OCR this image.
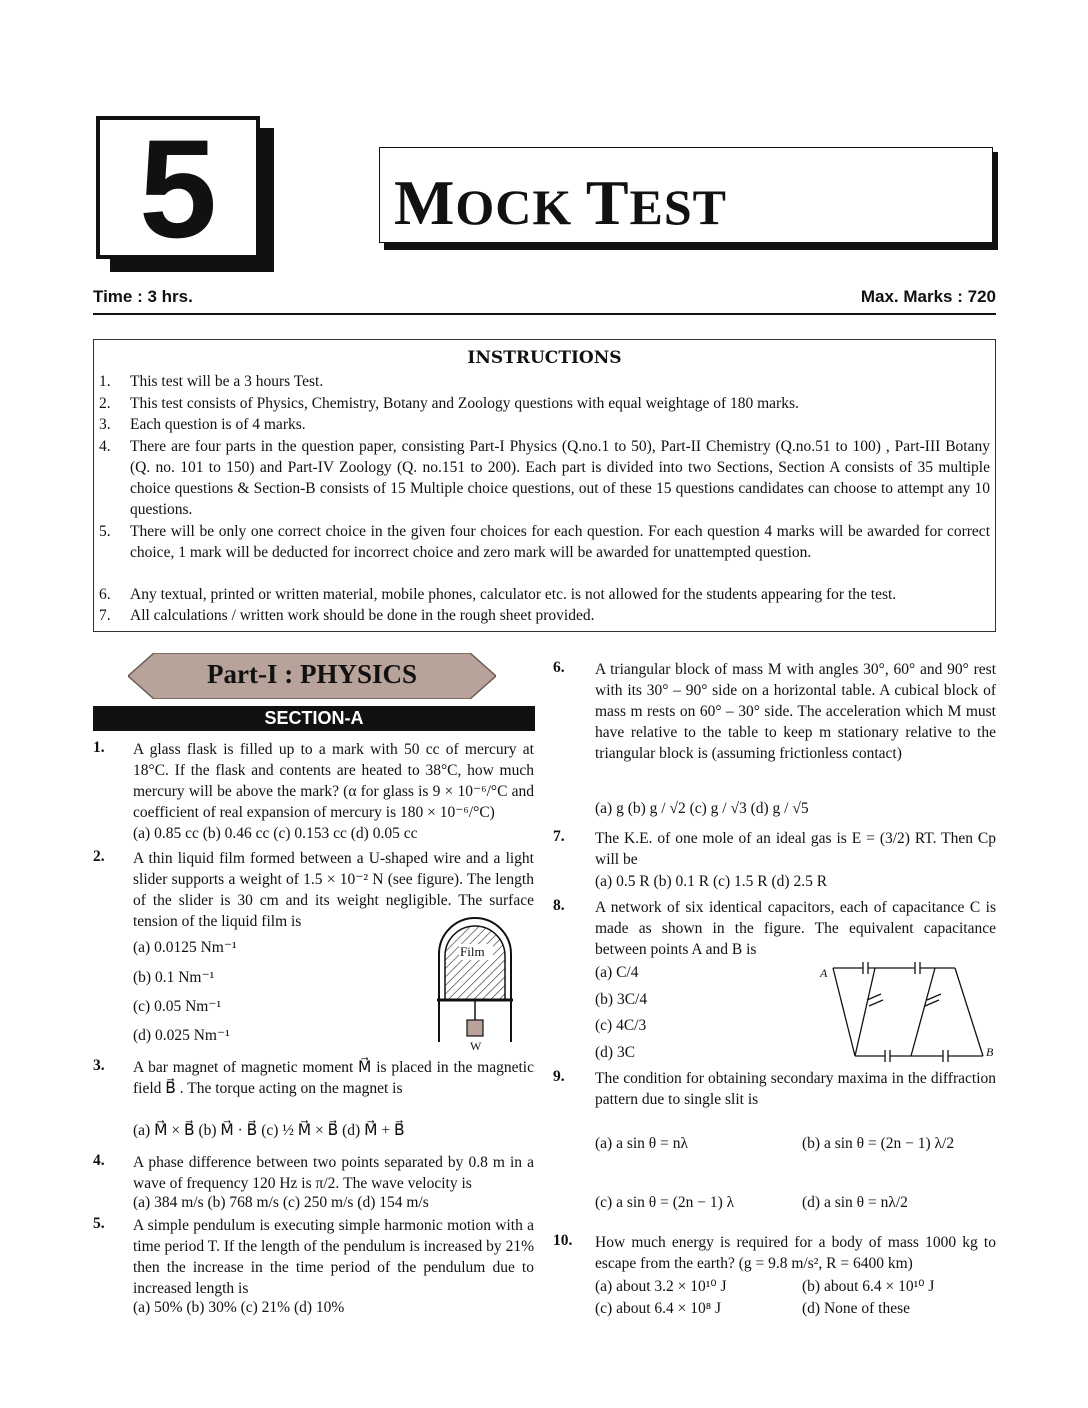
5	MOCK TEST
Time : 3 hrs.	Max. Marks : 720
INSTRUCTIONS
1. This test will be a 3 hours Test.
2. This test consists of Physics, Chemistry, Botany and Zoology questions with equal weightage of 180 marks.
3. Each question is of 4 marks.
4. There are four parts in the question paper, consisting Part-I Physics (Q.no.1 to 50), Part-II Chemistry (Q.no.51 to 100) , Part-III Botany (Q. no. 101 to 150) and Part-IV Zoology (Q. no.151 to 200). Each part is divided into two Sections, Section A consists of 35 multiple choice questions & Section-B consists of 15 Multiple choice questions, out of these 15 questions candidates can choose to attempt any 10 questions.
5. There will be only one correct choice in the given four choices for each question. For each question 4 marks will be awarded for correct choice, 1 mark will be deducted for incorrect choice and zero mark will be awarded for unattempted question.
6. Any textual, printed or written material, mobile phones, calculator etc. is not allowed for the students appearing for the test.
7. All calculations / written work should be done in the rough sheet provided.
Part-I : PHYSICS
SECTION-A
1. A glass flask is filled up to a mark with 50 cc of mercury at 18°C. If the flask and contents are heated to 38°C, how much mercury will be above the mark? (α for glass is 9 × 10⁻⁶/°C and coefficient of real expansion of mercury is 180 × 10⁻⁶/°C)
(a) 0.85 cc (b) 0.46 cc (c) 0.153 cc (d) 0.05 cc
2. A thin liquid film formed between a U-shaped wire and a light slider supports a weight of 1.5 × 10⁻² N (see figure). The length of the slider is 30 cm and its weight negligible. The surface tension of the liquid film is
(a) 0.0125 Nm⁻¹
(b) 0.1 Nm⁻¹
(c) 0.05 Nm⁻¹
(d) 0.025 Nm⁻¹
Film
W
3. A bar magnet of magnetic moment M⃗ is placed in the magnetic field B⃗ . The torque acting on the magnet is
(a) M⃗ × B⃗ (b) M⃗ · B⃗ (c) ½ M⃗ × B⃗ (d) M⃗ + B⃗
4. A phase difference between two points separated by 0.8 m in a wave of frequency 120 Hz is π/2. The wave velocity is
(a) 384 m/s (b) 768 m/s (c) 250 m/s (d) 154 m/s
5. A simple pendulum is executing simple harmonic motion with a time period T. If the length of the pendulum is increased by 21% then the increase in the time period of the pendulum due to increased length is
(a) 50% (b) 30% (c) 21% (d) 10%
6. A triangular block of mass M with angles 30°, 60° and 90° rest with its 30° – 90° side on a horizontal table. A cubical block of mass m rests on 60° – 30° side. The acceleration which M must have relative to the table to keep m stationary relative to the triangular block is (assuming frictionless contact)
(a) g (b) g / √2 (c) g / √3 (d) g / √5
7. The K.E. of one mole of an ideal gas is E = (3/2) RT. Then Cp will be
(a) 0.5 R (b) 0.1 R (c) 1.5 R (d) 2.5 R
8. A network of six identical capacitors, each of capacitance C is made as shown in the figure. The equivalent capacitance between points A and B is
(a) C/4
(b) 3C/4
(c) 4C/3
(d) 3C
A
B
9. The condition for obtaining secondary maxima in the diffraction pattern due to single slit is
(a) a sin θ = nλ	(b) a sin θ = (2n − 1) λ/2
(c) a sin θ = (2n − 1) λ	(d) a sin θ = nλ/2
10. How much energy is required for a body of mass 1000 kg to escape from the earth? (g = 9.8 m/s², R = 6400 km)
(a) about 3.2 × 10¹⁰ J	(b) about 6.4 × 10¹⁰ J
(c) about 6.4 × 10⁸ J	(d) None of these
